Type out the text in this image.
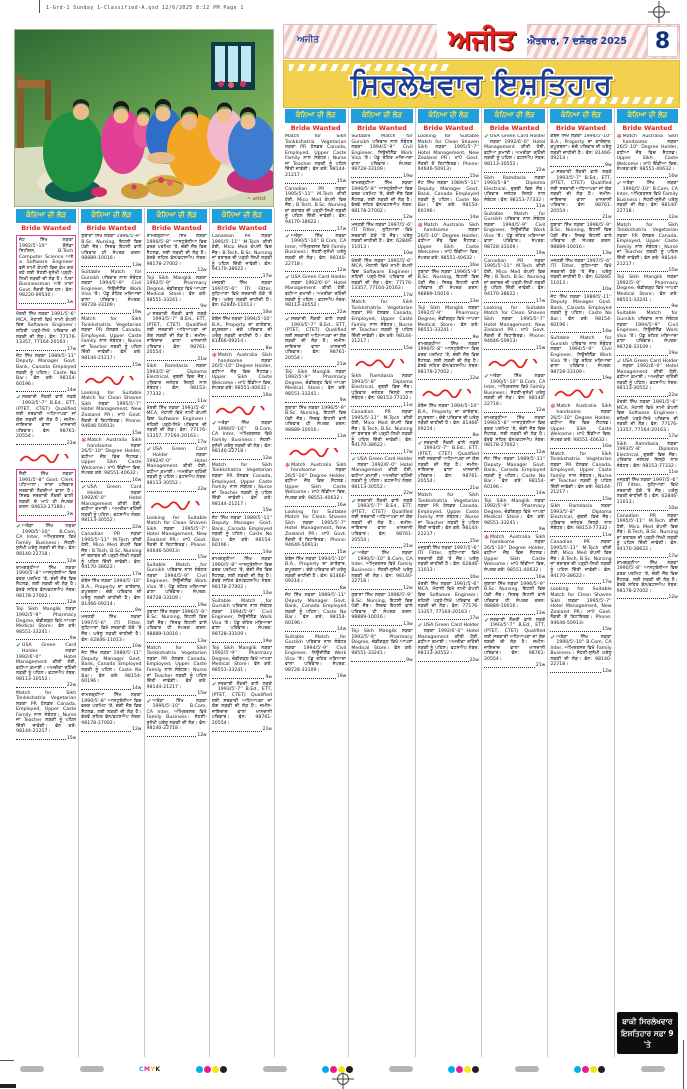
1-Grd-1 Sunday 1-Classified-A.qxd 12/6/2025 8:12 PM Page 1
~ artist
ਅਜੀਤ	ਅਜੀਤ	ਐਤਵਾਰ, 7 ਦਸੰਬਰ 2025	8
ਸਿਰਲੇਖਵਾਰ ਇਸ਼ਤਿਹਾਰ
ਕੰਨਿਆ ਦੀ ਲੋੜ
Bride Wanted
ਜੱਟ ਸਿੱਖ ਲੜਕਾ 1992/5'-10'' ਕੈਨੇਡਾ ਸਿਟੀਜ਼ਨ, B.Tech Computer Science ਅਤੇ a Software Engineer ਵਜੋਂ ਨਾਮੀ ਕੰਪਨੀ ਵਿਚ ਕੰਮ ਕਰ ਰਹੇ ਲਈ ਸੋਹਣੀ-ਸੁਨੱਖੀ ਪੜ੍ਹੀ-ਲਿਖੀ ਲੜਕੀ ਦੀ ਲੋੜ ਹੈ। ਪਿਤਾ Businessman ਅਤੇ ਮਾਤਾ Govt. ਨੌਕਰੀ ਵਿਚ ਹਨ। ਫੋਨ: 98220-99530।
3w
ਖੱਤਰੀ ਸਿੱਖ ਲੜਕਾ 1991/5'-6'' MCA, ਮੋਹਾਲੀ ਵਿਖੇ ਨਾਮੀ ਕੰਪਨੀ ਵਿਚ Software Engineer। ਸ਼ਹਿਰੀ ਪੜ੍ਹੇ-ਲਿਖੇ ਪਰਿਵਾਰ ਦੀ ਲੜਕੀ ਦੀ ਲੋੜ। ਫੋਨ: 77176-13357, 77164-20163।
17w
ਜੱਟ ਸਿੱਖ ਲੜਕਾ 1989/5'-11'' Deputy Manager Govt. Bank, Canada Employed ਲੜਕੀ ਨੂੰ ਪਹਿਲ। Caste No Bar। ਫੋਨ ਕਰੋ: 98154-60196।
14w
✔ ਸਰਕਾਰੀ ਨੌਕਰੀ ਵਾਲੇ ਲੜਕੇ 1993/5'-7'' B.Ed., ETT, (PTET, CTET) Qualified ਲਈ ਸਰਕਾਰੀ ਅਧਿਆਪਕਾ ਜਾਂ ਯੋਗ ਲੜਕੀ ਦੀ ਲੋੜ ਹੈ। ਜ਼ਮੀਨ-ਜਾਇਦਾਦ ਵਾਲਾ ਖਾਨਦਾਨੀ ਪਰਿਵਾਰ। ਫੋਨ: 98761-20554।
21w
ਸੈਣੀ ਸਿੱਖ ਲੜਕਾ 1991/5'-8'' Govt. Clerk ਪਟਿਆਲਾ। ਸਾਰਾ ਪਰਿਵਾਰ ਸਰਕਾਰੀ ਨੌਕਰੀਆਂ ਵਾਲਾ ਹੈ। ਸਿਰਫ ਸਰਕਾਰੀ ਨੌਕਰੀ ਵਾਲੀ ਲੜਕੀ ਦੇ ਮਾਪੇ ਹੀ ਸੰਪਰਕ ਕਰਨ: 94633-27180।
3w
✔ ਅਰੋੜਾ ਸਿੱਖ ਲੜਕਾ 1990/5'-10'' B.Com, CA Inter, ਅੰਮ੍ਰਿਤਸਰ ਵਿਖੇ Family Business। ਸੋਹਣੀ-ਸੁਨੱਖੀ ਘਰੇਲੂ ਲੜਕੀ ਦੀ ਲੋੜ। ਫੋਨ: 98140-22718।
12w
ਰਾਮਗੜ੍ਹੀਆ ਸਿੱਖ ਲੜਕਾ 1990/5'-8'' ਆਸਟ੍ਰੇਲੀਆ ਵਿਚ ਵਰਕ ਪਰਮਿਟ 'ਤੇ, ਚੰਗੀ ਜੌਬ ਵਿਚ ਸੈਟਲਡ, ਲਈ ਲੜਕੀ ਦੀ ਲੋੜ ਹੈ। ਵੇਰਵੇ ਸਹਿਤ ਫੋਨ/ਵਟਸਐਪ ਨੰਬਰ: 98178-27002।
12w
Teji Sikh Manglik ਲੜਕਾ 1992/5'-9'' Pharmacy Degree, ਚੰਡੀਗੜ੍ਹ ਵਿਖੇ ਆਪਣਾ Medical Store। ਫੋਨ ਕਰੋ: 98551-33241।
9w
✔ USA Green Card Holder ਲੜਕਾ 1992/6'-0'' Hotel Management ਕੀਤੀ ਹੋਈ, ਵਧੀਆ ਕਮਾਈ। ਅਮਰੀਕਾ ਰਹਿੰਦੀ ਲੜਕੀ ਨੂੰ ਪਹਿਲ। ਵਟਸਐਪ ਨੰਬਰ: 98113-30552।
22w
Match for Sikh Tonkkshatria Vegetarian ਲੜਕਾ PR ਹੋਲਡਰ Canada, Employed, Upper Caste Family ਨਾਲ ਸੰਬੰਧਤ। Nurse ਜਾਂ Teacher ਲੜਕੀ ਨੂੰ ਪਹਿਲ ਦਿੱਤੀ ਜਾਵੇਗੀ। ਫੋਨ ਕਰੋ: 98144-21217।
15w
ਕੰਨਿਆ ਦੀ ਲੋੜ
Bride Wanted
ਲੁਬਾਣਾ ਸਿੱਖ ਲੜਕਾ 1996/5'-9'' B.Sc. Nursing, ਇਟਲੀ ਵਿਚ ਪੱਕੀ ਜੌਬ। ਸਿਰਫ ਇਟਲੀ ਵਾਲੇ ਪਰਿਵਾਰ ਹੀ ਸੰਪਰਕ ਕਰਨ: 98889-10016।
13w
Suitable Match for Gursikh ਪਰਿਵਾਰ ਨਾਲ ਸੰਬੰਧਤ ਲੜਕਾ 1994/5'-9'' Civil Engineer, ਨਿਊਜ਼ੀਲੈਂਡ Work Visa 'ਤੇ। ਪੇਂਡੂ ਰਹਿਤ ਮਰਿਆਦਾ ਵਾਲਾ ਪਰਿਵਾਰ। ਸੰਪਰਕ: 98728-33109।
19w
Match for Sikh Tonkkshatria Vegetarian ਲੜਕਾ PR ਹੋਲਡਰ Canada, Employed, Upper Caste Family ਨਾਲ ਸੰਬੰਧਤ। Nurse ਜਾਂ Teacher ਲੜਕੀ ਨੂੰ ਪਹਿਲ ਦਿੱਤੀ ਜਾਵੇਗੀ। ਫੋਨ ਕਰੋ: 98144-21217।
15w
Looking for Suitable Match for Clean Shaven Sikh ਲੜਕਾ 1995/5'-7'' Hotel Management, New Zealand PR। ਮਾਪੇ Govt. ਨੌਕਰੀ ਤੋਂ ਰਿਟਾਇਰਡ। Phone: 94646-50913।
15w
✻ Match Australia Sikh handsome ਲੜਕਾ 26/5'-10'' Degree Holder, ਵਧੀਆ ਜੌਬ ਵਿਚ ਸੈਟਲਡ। Upper Sikh Caste Welcome। ਮਾਪੇ ਇੰਡੀਆ ਵਿਚ, ਸੰਪਰਕ ਕਰੋ: 98551-40632।
16w
✔ USA Green Card Holder ਲੜਕਾ 1992/6'-0'' Hotel Management ਕੀਤੀ ਹੋਈ, ਵਧੀਆ ਕਮਾਈ। ਅਮਰੀਕਾ ਰਹਿੰਦੀ ਲੜਕੀ ਨੂੰ ਪਹਿਲ। ਵਟਸਐਪ ਨੰਬਰ: 98113-30552।
22w
Canadian PR ਲੜਕਾ 1995/5'-11'' M.Tech ਕੀਤੀ ਹੋਈ, Mico Med ਕੰਪਨੀ ਵਿਚ ਜੌਬ। B.Tech, B.Sc. Nursing ਜਾਂ ਬਰਾਬਰ ਦੀ ਪੜ੍ਹੀ-ਲਿਖੀ ਲੜਕੀ ਨੂੰ ਪਹਿਲ ਦਿੱਤੀ ਜਾਵੇਗੀ। ਫੋਨ: 94170-38622।
17w
ਕੰਬੋਜ ਸਿੱਖ ਲੜਕਾ 1994/5'-10'' B.A., Property ਦਾ ਕਾਰੋਬਾਰ, ਕਪੂਰਥਲਾ। ਚੰਗੇ ਪਰਿਵਾਰ ਦੀ ਘਰੇਲੂ ਲੜਕੀ ਚਾਹੀਦੀ ਹੈ। ਫੋਨ: 81466-09214।
8w
ਮਜ੍ਹਬੀ ਸਿੱਖ ਲੜਕਾ 1997/5'-6'' ITI Fitter, ਲੁਧਿਆਣਾ ਵਿਖੇ ਸਰਕਾਰੀ ਠੇਕੇ 'ਤੇ ਜੌਬ। ਘਰੇਲੂ ਲੜਕੀ ਚਾਹੀਦੀ ਹੈ। ਫੋਨ: 62846-11013।
10w
ਜੱਟ ਸਿੱਖ ਲੜਕਾ 1989/5'-11'' Deputy Manager Govt. Bank, Canada Employed ਲੜਕੀ ਨੂੰ ਪਹਿਲ। Caste No Bar। ਫੋਨ ਕਰੋ: 98154-60196।
14w
ਰਾਮਗੜ੍ਹੀਆ ਸਿੱਖ ਲੜਕਾ 1990/5'-8'' ਆਸਟ੍ਰੇਲੀਆ ਵਿਚ ਵਰਕ ਪਰਮਿਟ 'ਤੇ, ਚੰਗੀ ਜੌਬ ਵਿਚ ਸੈਟਲਡ, ਲਈ ਲੜਕੀ ਦੀ ਲੋੜ ਹੈ। ਵੇਰਵੇ ਸਹਿਤ ਫੋਨ/ਵਟਸਐਪ ਨੰਬਰ: 98178-27002।
12w
ਕੰਨਿਆ ਦੀ ਲੋੜ
Bride Wanted
ਰਾਮਗੜ੍ਹੀਆ ਸਿੱਖ ਲੜਕਾ 1990/5'-8'' ਆਸਟ੍ਰੇਲੀਆ ਵਿਚ ਵਰਕ ਪਰਮਿਟ 'ਤੇ, ਚੰਗੀ ਜੌਬ ਵਿਚ ਸੈਟਲਡ, ਲਈ ਲੜਕੀ ਦੀ ਲੋੜ ਹੈ। ਵੇਰਵੇ ਸਹਿਤ ਫੋਨ/ਵਟਸਐਪ ਨੰਬਰ: 98178-27002।
12w
Teji Sikh Manglik ਲੜਕਾ 1992/5'-9'' Pharmacy Degree, ਚੰਡੀਗੜ੍ਹ ਵਿਖੇ ਆਪਣਾ Medical Store। ਫੋਨ ਕਰੋ: 98551-33241।
9w
✔ ਸਰਕਾਰੀ ਨੌਕਰੀ ਵਾਲੇ ਲੜਕੇ 1993/5'-7'' B.Ed., ETT, (PTET, CTET) Qualified ਲਈ ਸਰਕਾਰੀ ਅਧਿਆਪਕਾ ਜਾਂ ਯੋਗ ਲੜਕੀ ਦੀ ਲੋੜ ਹੈ। ਜ਼ਮੀਨ-ਜਾਇਦਾਦ ਵਾਲਾ ਖਾਨਦਾਨੀ ਪਰਿਵਾਰ। ਫੋਨ: 98761-20554।
21w
Sikh Ramdasia ਲੜਕਾ 1993/5'-8'' Diploma Electrical, ਦੁਬਈ ਵਿਚ ਜੌਬ। ਪਰਿਵਾਰ ਜਲੰਧਰ ਜ਼ਿਲ੍ਹੇ ਨਾਲ ਸੰਬੰਧਤ। ਫੋਨ: 98153-77332।
11w
ਖੱਤਰੀ ਸਿੱਖ ਲੜਕਾ 1991/5'-6'' MCA, ਮੋਹਾਲੀ ਵਿਖੇ ਨਾਮੀ ਕੰਪਨੀ ਵਿਚ Software Engineer। ਸ਼ਹਿਰੀ ਪੜ੍ਹੇ-ਲਿਖੇ ਪਰਿਵਾਰ ਦੀ ਲੜਕੀ ਦੀ ਲੋੜ। ਫੋਨ: 77176-13357, 77164-20163।
17w
✔ USA Green Card Holder ਲੜਕਾ 1992/6'-0'' Hotel Management ਕੀਤੀ ਹੋਈ, ਵਧੀਆ ਕਮਾਈ। ਅਮਰੀਕਾ ਰਹਿੰਦੀ ਲੜਕੀ ਨੂੰ ਪਹਿਲ। ਵਟਸਐਪ ਨੰਬਰ: 98113-30552।
22w
Looking for Suitable Match for Clean Shaven Sikh ਲੜਕਾ 1995/5'-7'' Hotel Management, New Zealand PR। ਮਾਪੇ Govt. ਨੌਕਰੀ ਤੋਂ ਰਿਟਾਇਰਡ। Phone: 94646-50913।
15w
Suitable Match for Gursikh ਪਰਿਵਾਰ ਨਾਲ ਸੰਬੰਧਤ ਲੜਕਾ 1994/5'-9'' Civil Engineer, ਨਿਊਜ਼ੀਲੈਂਡ Work Visa 'ਤੇ। ਪੇਂਡੂ ਰਹਿਤ ਮਰਿਆਦਾ ਵਾਲਾ ਪਰਿਵਾਰ। ਸੰਪਰਕ: 98728-33109।
19w
ਲੁਬਾਣਾ ਸਿੱਖ ਲੜਕਾ 1996/5'-9'' B.Sc. Nursing, ਇਟਲੀ ਵਿਚ ਪੱਕੀ ਜੌਬ। ਸਿਰਫ ਇਟਲੀ ਵਾਲੇ ਪਰਿਵਾਰ ਹੀ ਸੰਪਰਕ ਕਰਨ: 98889-10016।
13w
Match for Sikh Tonkkshatria Vegetarian ਲੜਕਾ PR ਹੋਲਡਰ Canada, Employed, Upper Caste Family ਨਾਲ ਸੰਬੰਧਤ। Nurse ਜਾਂ Teacher ਲੜਕੀ ਨੂੰ ਪਹਿਲ ਦਿੱਤੀ ਜਾਵੇਗੀ। ਫੋਨ ਕਰੋ: 98144-21217।
15w
✔ ਅਰੋੜਾ ਸਿੱਖ ਲੜਕਾ 1990/5'-10'' B.Com, CA Inter, ਅੰਮ੍ਰਿਤਸਰ ਵਿਖੇ Family Business। ਸੋਹਣੀ-ਸੁਨੱਖੀ ਘਰੇਲੂ ਲੜਕੀ ਦੀ ਲੋੜ। ਫੋਨ: 98140-22718।
12w
ਕੰਨਿਆ ਦੀ ਲੋੜ
Bride Wanted
Canadian PR ਲੜਕਾ 1995/5'-11'' M.Tech ਕੀਤੀ ਹੋਈ, Mico Med ਕੰਪਨੀ ਵਿਚ ਜੌਬ। B.Tech, B.Sc. Nursing ਜਾਂ ਬਰਾਬਰ ਦੀ ਪੜ੍ਹੀ-ਲਿਖੀ ਲੜਕੀ ਨੂੰ ਪਹਿਲ ਦਿੱਤੀ ਜਾਵੇਗੀ। ਫੋਨ: 94170-38622।
17w
ਮਜ੍ਹਬੀ ਸਿੱਖ ਲੜਕਾ 1997/5'-6'' ITI Fitter, ਲੁਧਿਆਣਾ ਵਿਖੇ ਸਰਕਾਰੀ ਠੇਕੇ 'ਤੇ ਜੌਬ। ਘਰੇਲੂ ਲੜਕੀ ਚਾਹੀਦੀ ਹੈ। ਫੋਨ: 62846-11013।
10w
ਕੰਬੋਜ ਸਿੱਖ ਲੜਕਾ 1994/5'-10'' B.A., Property ਦਾ ਕਾਰੋਬਾਰ, ਕਪੂਰਥਲਾ। ਚੰਗੇ ਪਰਿਵਾਰ ਦੀ ਘਰੇਲੂ ਲੜਕੀ ਚਾਹੀਦੀ ਹੈ। ਫੋਨ: 81466-09214।
8w
✻ Match Australia Sikh handsome ਲੜਕਾ 26/5'-10'' Degree Holder, ਵਧੀਆ ਜੌਬ ਵਿਚ ਸੈਟਲਡ। Upper Sikh Caste Welcome। ਮਾਪੇ ਇੰਡੀਆ ਵਿਚ, ਸੰਪਰਕ ਕਰੋ: 98551-40632।
16w
✔ ਅਰੋੜਾ ਸਿੱਖ ਲੜਕਾ 1990/5'-10'' B.Com, CA Inter, ਅੰਮ੍ਰਿਤਸਰ ਵਿਖੇ Family Business। ਸੋਹਣੀ-ਸੁਨੱਖੀ ਘਰੇਲੂ ਲੜਕੀ ਦੀ ਲੋੜ। ਫੋਨ: 98140-22718।
12w
Match for Sikh Tonkkshatria Vegetarian ਲੜਕਾ PR ਹੋਲਡਰ Canada, Employed, Upper Caste Family ਨਾਲ ਸੰਬੰਧਤ। Nurse ਜਾਂ Teacher ਲੜਕੀ ਨੂੰ ਪਹਿਲ ਦਿੱਤੀ ਜਾਵੇਗੀ। ਫੋਨ ਕਰੋ: 98144-21217।
15w
ਜੱਟ ਸਿੱਖ ਲੜਕਾ 1989/5'-11'' Deputy Manager Govt. Bank, Canada Employed ਲੜਕੀ ਨੂੰ ਪਹਿਲ। Caste No Bar। ਫੋਨ ਕਰੋ: 98154-60196।
14w
ਰਾਮਗੜ੍ਹੀਆ ਸਿੱਖ ਲੜਕਾ 1990/5'-8'' ਆਸਟ੍ਰੇਲੀਆ ਵਿਚ ਵਰਕ ਪਰਮਿਟ 'ਤੇ, ਚੰਗੀ ਜੌਬ ਵਿਚ ਸੈਟਲਡ, ਲਈ ਲੜਕੀ ਦੀ ਲੋੜ ਹੈ। ਵੇਰਵੇ ਸਹਿਤ ਫੋਨ/ਵਟਸਐਪ ਨੰਬਰ: 98178-27002।
12w
Suitable Match for Gursikh ਪਰਿਵਾਰ ਨਾਲ ਸੰਬੰਧਤ ਲੜਕਾ 1994/5'-9'' Civil Engineer, ਨਿਊਜ਼ੀਲੈਂਡ Work Visa 'ਤੇ। ਪੇਂਡੂ ਰਹਿਤ ਮਰਿਆਦਾ ਵਾਲਾ ਪਰਿਵਾਰ। ਸੰਪਰਕ: 98728-33109।
19w
Teji Sikh Manglik ਲੜਕਾ 1992/5'-9'' Pharmacy Degree, ਚੰਡੀਗੜ੍ਹ ਵਿਖੇ ਆਪਣਾ Medical Store। ਫੋਨ ਕਰੋ: 98551-33241।
9w
✔ ਸਰਕਾਰੀ ਨੌਕਰੀ ਵਾਲੇ ਲੜਕੇ 1993/5'-7'' B.Ed., ETT, (PTET, CTET) Qualified ਲਈ ਸਰਕਾਰੀ ਅਧਿਆਪਕਾ ਜਾਂ ਯੋਗ ਲੜਕੀ ਦੀ ਲੋੜ ਹੈ। ਜ਼ਮੀਨ-ਜਾਇਦਾਦ ਵਾਲਾ ਖਾਨਦਾਨੀ ਪਰਿਵਾਰ। ਫੋਨ: 98761-20554।
21w
ਕੰਨਿਆ ਦੀ ਲੋੜ
Bride Wanted
Match for Sikh Tonkkshatria Vegetarian ਲੜਕਾ PR ਹੋਲਡਰ Canada, Employed, Upper Caste Family ਨਾਲ ਸੰਬੰਧਤ। Nurse ਜਾਂ Teacher ਲੜਕੀ ਨੂੰ ਪਹਿਲ ਦਿੱਤੀ ਜਾਵੇਗੀ। ਫੋਨ ਕਰੋ: 98144-21217।
15w
Canadian PR ਲੜਕਾ 1995/5'-11'' M.Tech ਕੀਤੀ ਹੋਈ, Mico Med ਕੰਪਨੀ ਵਿਚ ਜੌਬ। B.Tech, B.Sc. Nursing ਜਾਂ ਬਰਾਬਰ ਦੀ ਪੜ੍ਹੀ-ਲਿਖੀ ਲੜਕੀ ਨੂੰ ਪਹਿਲ ਦਿੱਤੀ ਜਾਵੇਗੀ। ਫੋਨ: 94170-38622।
17w
✔ ਅਰੋੜਾ ਸਿੱਖ ਲੜਕਾ 1990/5'-10'' B.Com, CA Inter, ਅੰਮ੍ਰਿਤਸਰ ਵਿਖੇ Family Business। ਸੋਹਣੀ-ਸੁਨੱਖੀ ਘਰੇਲੂ ਲੜਕੀ ਦੀ ਲੋੜ। ਫੋਨ: 98140-22718।
12w
✔ USA Green Card Holder ਲੜਕਾ 1992/6'-0'' Hotel Management ਕੀਤੀ ਹੋਈ, ਵਧੀਆ ਕਮਾਈ। ਅਮਰੀਕਾ ਰਹਿੰਦੀ ਲੜਕੀ ਨੂੰ ਪਹਿਲ। ਵਟਸਐਪ ਨੰਬਰ: 98113-30552।
22w
✔ ਸਰਕਾਰੀ ਨੌਕਰੀ ਵਾਲੇ ਲੜਕੇ 1993/5'-7'' B.Ed., ETT, (PTET, CTET) Qualified ਲਈ ਸਰਕਾਰੀ ਅਧਿਆਪਕਾ ਜਾਂ ਯੋਗ ਲੜਕੀ ਦੀ ਲੋੜ ਹੈ। ਜ਼ਮੀਨ-ਜਾਇਦਾਦ ਵਾਲਾ ਖਾਨਦਾਨੀ ਪਰਿਵਾਰ। ਫੋਨ: 98761-20554।
21w
Teji Sikh Manglik ਲੜਕਾ 1992/5'-9'' Pharmacy Degree, ਚੰਡੀਗੜ੍ਹ ਵਿਖੇ ਆਪਣਾ Medical Store। ਫੋਨ ਕਰੋ: 98551-33241।
9w
ਲੁਬਾਣਾ ਸਿੱਖ ਲੜਕਾ 1996/5'-9'' B.Sc. Nursing, ਇਟਲੀ ਵਿਚ ਪੱਕੀ ਜੌਬ। ਸਿਰਫ ਇਟਲੀ ਵਾਲੇ ਪਰਿਵਾਰ ਹੀ ਸੰਪਰਕ ਕਰਨ: 98889-10016।
13w
✻ Match Australia Sikh handsome ਲੜਕਾ 26/5'-10'' Degree Holder, ਵਧੀਆ ਜੌਬ ਵਿਚ ਸੈਟਲਡ। Upper Sikh Caste Welcome। ਮਾਪੇ ਇੰਡੀਆ ਵਿਚ, ਸੰਪਰਕ ਕਰੋ: 98551-40632।
16w
Looking for Suitable Match for Clean Shaven Sikh ਲੜਕਾ 1995/5'-7'' Hotel Management, New Zealand PR। ਮਾਪੇ Govt. ਨੌਕਰੀ ਤੋਂ ਰਿਟਾਇਰਡ। Phone: 94646-50913।
15w
ਕੰਬੋਜ ਸਿੱਖ ਲੜਕਾ 1994/5'-10'' B.A., Property ਦਾ ਕਾਰੋਬਾਰ, ਕਪੂਰਥਲਾ। ਚੰਗੇ ਪਰਿਵਾਰ ਦੀ ਘਰੇਲੂ ਲੜਕੀ ਚਾਹੀਦੀ ਹੈ। ਫੋਨ: 81466-09214।
8w
ਜੱਟ ਸਿੱਖ ਲੜਕਾ 1989/5'-11'' Deputy Manager Govt. Bank, Canada Employed ਲੜਕੀ ਨੂੰ ਪਹਿਲ। Caste No Bar। ਫੋਨ ਕਰੋ: 98154-60196।
14w
Suitable Match for Gursikh ਪਰਿਵਾਰ ਨਾਲ ਸੰਬੰਧਤ ਲੜਕਾ 1994/5'-9'' Civil Engineer, ਨਿਊਜ਼ੀਲੈਂਡ Work Visa 'ਤੇ। ਪੇਂਡੂ ਰਹਿਤ ਮਰਿਆਦਾ ਵਾਲਾ ਪਰਿਵਾਰ। ਸੰਪਰਕ: 98728-33109।
19w
ਕੰਨਿਆ ਦੀ ਲੋੜ
Bride Wanted
Suitable Match for Gursikh ਪਰਿਵਾਰ ਨਾਲ ਸੰਬੰਧਤ ਲੜਕਾ 1994/5'-9'' Civil Engineer, ਨਿਊਜ਼ੀਲੈਂਡ Work Visa 'ਤੇ। ਪੇਂਡੂ ਰਹਿਤ ਮਰਿਆਦਾ ਵਾਲਾ ਪਰਿਵਾਰ। ਸੰਪਰਕ: 98728-33109।
19w
ਰਾਮਗੜ੍ਹੀਆ ਸਿੱਖ ਲੜਕਾ 1990/5'-8'' ਆਸਟ੍ਰੇਲੀਆ ਵਿਚ ਵਰਕ ਪਰਮਿਟ 'ਤੇ, ਚੰਗੀ ਜੌਬ ਵਿਚ ਸੈਟਲਡ, ਲਈ ਲੜਕੀ ਦੀ ਲੋੜ ਹੈ। ਵੇਰਵੇ ਸਹਿਤ ਫੋਨ/ਵਟਸਐਪ ਨੰਬਰ: 98178-27002।
12w
ਮਜ੍ਹਬੀ ਸਿੱਖ ਲੜਕਾ 1997/5'-6'' ITI Fitter, ਲੁਧਿਆਣਾ ਵਿਖੇ ਸਰਕਾਰੀ ਠੇਕੇ 'ਤੇ ਜੌਬ। ਘਰੇਲੂ ਲੜਕੀ ਚਾਹੀਦੀ ਹੈ। ਫੋਨ: 62846-11013।
10w
ਖੱਤਰੀ ਸਿੱਖ ਲੜਕਾ 1991/5'-6'' MCA, ਮੋਹਾਲੀ ਵਿਖੇ ਨਾਮੀ ਕੰਪਨੀ ਵਿਚ Software Engineer। ਸ਼ਹਿਰੀ ਪੜ੍ਹੇ-ਲਿਖੇ ਪਰਿਵਾਰ ਦੀ ਲੜਕੀ ਦੀ ਲੋੜ। ਫੋਨ: 77176-13357, 77164-20163।
17w
Match for Sikh Tonkkshatria Vegetarian ਲੜਕਾ PR ਹੋਲਡਰ Canada, Employed, Upper Caste Family ਨਾਲ ਸੰਬੰਧਤ। Nurse ਜਾਂ Teacher ਲੜਕੀ ਨੂੰ ਪਹਿਲ ਦਿੱਤੀ ਜਾਵੇਗੀ। ਫੋਨ ਕਰੋ: 98144-21217।
15w
Sikh Ramdasia ਲੜਕਾ 1993/5'-8'' Diploma Electrical, ਦੁਬਈ ਵਿਚ ਜੌਬ। ਪਰਿਵਾਰ ਜਲੰਧਰ ਜ਼ਿਲ੍ਹੇ ਨਾਲ ਸੰਬੰਧਤ। ਫੋਨ: 98153-77332।
11w
Canadian PR ਲੜਕਾ 1995/5'-11'' M.Tech ਕੀਤੀ ਹੋਈ, Mico Med ਕੰਪਨੀ ਵਿਚ ਜੌਬ। B.Tech, B.Sc. Nursing ਜਾਂ ਬਰਾਬਰ ਦੀ ਪੜ੍ਹੀ-ਲਿਖੀ ਲੜਕੀ ਨੂੰ ਪਹਿਲ ਦਿੱਤੀ ਜਾਵੇਗੀ। ਫੋਨ: 94170-38622।
17w
✔ USA Green Card Holder ਲੜਕਾ 1992/6'-0'' Hotel Management ਕੀਤੀ ਹੋਈ, ਵਧੀਆ ਕਮਾਈ। ਅਮਰੀਕਾ ਰਹਿੰਦੀ ਲੜਕੀ ਨੂੰ ਪਹਿਲ। ਵਟਸਐਪ ਨੰਬਰ: 98113-30552।
22w
✔ ਸਰਕਾਰੀ ਨੌਕਰੀ ਵਾਲੇ ਲੜਕੇ 1993/5'-7'' B.Ed., ETT, (PTET, CTET) Qualified ਲਈ ਸਰਕਾਰੀ ਅਧਿਆਪਕਾ ਜਾਂ ਯੋਗ ਲੜਕੀ ਦੀ ਲੋੜ ਹੈ। ਜ਼ਮੀਨ-ਜਾਇਦਾਦ ਵਾਲਾ ਖਾਨਦਾਨੀ ਪਰਿਵਾਰ। ਫੋਨ: 98761-20554।
21w
✔ ਅਰੋੜਾ ਸਿੱਖ ਲੜਕਾ 1990/5'-10'' B.Com, CA Inter, ਅੰਮ੍ਰਿਤਸਰ ਵਿਖੇ Family Business। ਸੋਹਣੀ-ਸੁਨੱਖੀ ਘਰੇਲੂ ਲੜਕੀ ਦੀ ਲੋੜ। ਫੋਨ: 98140-22718।
12w
ਲੁਬਾਣਾ ਸਿੱਖ ਲੜਕਾ 1996/5'-9'' B.Sc. Nursing, ਇਟਲੀ ਵਿਚ ਪੱਕੀ ਜੌਬ। ਸਿਰਫ ਇਟਲੀ ਵਾਲੇ ਪਰਿਵਾਰ ਹੀ ਸੰਪਰਕ ਕਰਨ: 98889-10016।
13w
Teji Sikh Manglik ਲੜਕਾ 1992/5'-9'' Pharmacy Degree, ਚੰਡੀਗੜ੍ਹ ਵਿਖੇ ਆਪਣਾ Medical Store। ਫੋਨ ਕਰੋ: 98551-33241।
9w
ਕੰਨਿਆ ਦੀ ਲੋੜ
Bride Wanted
Looking for Suitable Match for Clean Shaven Sikh ਲੜਕਾ 1995/5'-7'' Hotel Management, New Zealand PR। ਮਾਪੇ Govt. ਨੌਕਰੀ ਤੋਂ ਰਿਟਾਇਰਡ। Phone: 94646-50913।
15w
ਜੱਟ ਸਿੱਖ ਲੜਕਾ 1989/5'-11'' Deputy Manager Govt. Bank, Canada Employed ਲੜਕੀ ਨੂੰ ਪਹਿਲ। Caste No Bar। ਫੋਨ ਕਰੋ: 98154-60196।
14w
✻ Match Australia Sikh handsome ਲੜਕਾ 26/5'-10'' Degree Holder, ਵਧੀਆ ਜੌਬ ਵਿਚ ਸੈਟਲਡ। Upper Sikh Caste Welcome। ਮਾਪੇ ਇੰਡੀਆ ਵਿਚ, ਸੰਪਰਕ ਕਰੋ: 98551-40632।
16w
ਲੁਬਾਣਾ ਸਿੱਖ ਲੜਕਾ 1996/5'-9'' B.Sc. Nursing, ਇਟਲੀ ਵਿਚ ਪੱਕੀ ਜੌਬ। ਸਿਰਫ ਇਟਲੀ ਵਾਲੇ ਪਰਿਵਾਰ ਹੀ ਸੰਪਰਕ ਕਰਨ: 98889-10016।
13w
Teji Sikh Manglik ਲੜਕਾ 1992/5'-9'' Pharmacy Degree, ਚੰਡੀਗੜ੍ਹ ਵਿਖੇ ਆਪਣਾ Medical Store। ਫੋਨ ਕਰੋ: 98551-33241।
9w
ਰਾਮਗੜ੍ਹੀਆ ਸਿੱਖ ਲੜਕਾ 1990/5'-8'' ਆਸਟ੍ਰੇਲੀਆ ਵਿਚ ਵਰਕ ਪਰਮਿਟ 'ਤੇ, ਚੰਗੀ ਜੌਬ ਵਿਚ ਸੈਟਲਡ, ਲਈ ਲੜਕੀ ਦੀ ਲੋੜ ਹੈ। ਵੇਰਵੇ ਸਹਿਤ ਫੋਨ/ਵਟਸਐਪ ਨੰਬਰ: 98178-27002।
12w
ਕੰਬੋਜ ਸਿੱਖ ਲੜਕਾ 1994/5'-10'' B.A., Property ਦਾ ਕਾਰੋਬਾਰ, ਕਪੂਰਥਲਾ। ਚੰਗੇ ਪਰਿਵਾਰ ਦੀ ਘਰੇਲੂ ਲੜਕੀ ਚਾਹੀਦੀ ਹੈ। ਫੋਨ: 81466-09214।
8w
✔ ਸਰਕਾਰੀ ਨੌਕਰੀ ਵਾਲੇ ਲੜਕੇ 1993/5'-7'' B.Ed., ETT, (PTET, CTET) Qualified ਲਈ ਸਰਕਾਰੀ ਅਧਿਆਪਕਾ ਜਾਂ ਯੋਗ ਲੜਕੀ ਦੀ ਲੋੜ ਹੈ। ਜ਼ਮੀਨ-ਜਾਇਦਾਦ ਵਾਲਾ ਖਾਨਦਾਨੀ ਪਰਿਵਾਰ। ਫੋਨ: 98761-20554।
21w
Match for Sikh Tonkkshatria Vegetarian ਲੜਕਾ PR ਹੋਲਡਰ Canada, Employed, Upper Caste Family ਨਾਲ ਸੰਬੰਧਤ। Nurse ਜਾਂ Teacher ਲੜਕੀ ਨੂੰ ਪਹਿਲ ਦਿੱਤੀ ਜਾਵੇਗੀ। ਫੋਨ ਕਰੋ: 98144-21217।
15w
ਮਜ੍ਹਬੀ ਸਿੱਖ ਲੜਕਾ 1997/5'-6'' ITI Fitter, ਲੁਧਿਆਣਾ ਵਿਖੇ ਸਰਕਾਰੀ ਠੇਕੇ 'ਤੇ ਜੌਬ। ਘਰੇਲੂ ਲੜਕੀ ਚਾਹੀਦੀ ਹੈ। ਫੋਨ: 62846-11013।
10w
ਖੱਤਰੀ ਸਿੱਖ ਲੜਕਾ 1991/5'-6'' MCA, ਮੋਹਾਲੀ ਵਿਖੇ ਨਾਮੀ ਕੰਪਨੀ ਵਿਚ Software Engineer। ਸ਼ਹਿਰੀ ਪੜ੍ਹੇ-ਲਿਖੇ ਪਰਿਵਾਰ ਦੀ ਲੜਕੀ ਦੀ ਲੋੜ। ਫੋਨ: 77176-13357, 77164-20163।
17w
✔ USA Green Card Holder ਲੜਕਾ 1992/6'-0'' Hotel Management ਕੀਤੀ ਹੋਈ, ਵਧੀਆ ਕਮਾਈ। ਅਮਰੀਕਾ ਰਹਿੰਦੀ ਲੜਕੀ ਨੂੰ ਪਹਿਲ। ਵਟਸਐਪ ਨੰਬਰ: 98113-30552।
22w
ਕੰਨਿਆ ਦੀ ਲੋੜ
Bride Wanted
✔ USA Green Card Holder ਲੜਕਾ 1992/6'-0'' Hotel Management ਕੀਤੀ ਹੋਈ, ਵਧੀਆ ਕਮਾਈ। ਅਮਰੀਕਾ ਰਹਿੰਦੀ ਲੜਕੀ ਨੂੰ ਪਹਿਲ। ਵਟਸਐਪ ਨੰਬਰ: 98113-30552।
22w
Sikh Ramdasia ਲੜਕਾ 1993/5'-8'' Diploma Electrical, ਦੁਬਈ ਵਿਚ ਜੌਬ। ਪਰਿਵਾਰ ਜਲੰਧਰ ਜ਼ਿਲ੍ਹੇ ਨਾਲ ਸੰਬੰਧਤ। ਫੋਨ: 98153-77332।
11w
Suitable Match for Gursikh ਪਰਿਵਾਰ ਨਾਲ ਸੰਬੰਧਤ ਲੜਕਾ 1994/5'-9'' Civil Engineer, ਨਿਊਜ਼ੀਲੈਂਡ Work Visa 'ਤੇ। ਪੇਂਡੂ ਰਹਿਤ ਮਰਿਆਦਾ ਵਾਲਾ ਪਰਿਵਾਰ। ਸੰਪਰਕ: 98728-33109।
19w
Canadian PR ਲੜਕਾ 1995/5'-11'' M.Tech ਕੀਤੀ ਹੋਈ, Mico Med ਕੰਪਨੀ ਵਿਚ ਜੌਬ। B.Tech, B.Sc. Nursing ਜਾਂ ਬਰਾਬਰ ਦੀ ਪੜ੍ਹੀ-ਲਿਖੀ ਲੜਕੀ ਨੂੰ ਪਹਿਲ ਦਿੱਤੀ ਜਾਵੇਗੀ। ਫੋਨ: 94170-38622।
17w
Looking for Suitable Match for Clean Shaven Sikh ਲੜਕਾ 1995/5'-7'' Hotel Management, New Zealand PR। ਮਾਪੇ Govt. ਨੌਕਰੀ ਤੋਂ ਰਿਟਾਇਰਡ। Phone: 94646-50913।
15w
✔ ਅਰੋੜਾ ਸਿੱਖ ਲੜਕਾ 1990/5'-10'' B.Com, CA Inter, ਅੰਮ੍ਰਿਤਸਰ ਵਿਖੇ Family Business। ਸੋਹਣੀ-ਸੁਨੱਖੀ ਘਰੇਲੂ ਲੜਕੀ ਦੀ ਲੋੜ। ਫੋਨ: 98140-22718।
12w
ਰਾਮਗੜ੍ਹੀਆ ਸਿੱਖ ਲੜਕਾ 1990/5'-8'' ਆਸਟ੍ਰੇਲੀਆ ਵਿਚ ਵਰਕ ਪਰਮਿਟ 'ਤੇ, ਚੰਗੀ ਜੌਬ ਵਿਚ ਸੈਟਲਡ, ਲਈ ਲੜਕੀ ਦੀ ਲੋੜ ਹੈ। ਵੇਰਵੇ ਸਹਿਤ ਫੋਨ/ਵਟਸਐਪ ਨੰਬਰ: 98178-27002।
12w
ਜੱਟ ਸਿੱਖ ਲੜਕਾ 1989/5'-11'' Deputy Manager Govt. Bank, Canada Employed ਲੜਕੀ ਨੂੰ ਪਹਿਲ। Caste No Bar। ਫੋਨ ਕਰੋ: 98154-60196।
14w
Teji Sikh Manglik ਲੜਕਾ 1992/5'-9'' Pharmacy Degree, ਚੰਡੀਗੜ੍ਹ ਵਿਖੇ ਆਪਣਾ Medical Store। ਫੋਨ ਕਰੋ: 98551-33241।
9w
✻ Match Australia Sikh handsome ਲੜਕਾ 26/5'-10'' Degree Holder, ਵਧੀਆ ਜੌਬ ਵਿਚ ਸੈਟਲਡ। Upper Sikh Caste Welcome। ਮਾਪੇ ਇੰਡੀਆ ਵਿਚ, ਸੰਪਰਕ ਕਰੋ: 98551-40632।
16w
ਲੁਬਾਣਾ ਸਿੱਖ ਲੜਕਾ 1996/5'-9'' B.Sc. Nursing, ਇਟਲੀ ਵਿਚ ਪੱਕੀ ਜੌਬ। ਸਿਰਫ ਇਟਲੀ ਵਾਲੇ ਪਰਿਵਾਰ ਹੀ ਸੰਪਰਕ ਕਰਨ: 98889-10016।
13w
✔ ਸਰਕਾਰੀ ਨੌਕਰੀ ਵਾਲੇ ਲੜਕੇ 1993/5'-7'' B.Ed., ETT, (PTET, CTET) Qualified ਲਈ ਸਰਕਾਰੀ ਅਧਿਆਪਕਾ ਜਾਂ ਯੋਗ ਲੜਕੀ ਦੀ ਲੋੜ ਹੈ। ਜ਼ਮੀਨ-ਜਾਇਦਾਦ ਵਾਲਾ ਖਾਨਦਾਨੀ ਪਰਿਵਾਰ। ਫੋਨ: 98761-20554।
21w
ਕੰਨਿਆ ਦੀ ਲੋੜ
Bride Wanted
ਕੰਬੋਜ ਸਿੱਖ ਲੜਕਾ 1994/5'-10'' B.A., Property ਦਾ ਕਾਰੋਬਾਰ, ਕਪੂਰਥਲਾ। ਚੰਗੇ ਪਰਿਵਾਰ ਦੀ ਘਰੇਲੂ ਲੜਕੀ ਚਾਹੀਦੀ ਹੈ। ਫੋਨ: 81466-09214।
8w
✔ ਸਰਕਾਰੀ ਨੌਕਰੀ ਵਾਲੇ ਲੜਕੇ 1993/5'-7'' B.Ed., ETT, (PTET, CTET) Qualified ਲਈ ਸਰਕਾਰੀ ਅਧਿਆਪਕਾ ਜਾਂ ਯੋਗ ਲੜਕੀ ਦੀ ਲੋੜ ਹੈ। ਜ਼ਮੀਨ-ਜਾਇਦਾਦ ਵਾਲਾ ਖਾਨਦਾਨੀ ਪਰਿਵਾਰ। ਫੋਨ: 98761-20554।
21w
ਲੁਬਾਣਾ ਸਿੱਖ ਲੜਕਾ 1996/5'-9'' B.Sc. Nursing, ਇਟਲੀ ਵਿਚ ਪੱਕੀ ਜੌਬ। ਸਿਰਫ ਇਟਲੀ ਵਾਲੇ ਪਰਿਵਾਰ ਹੀ ਸੰਪਰਕ ਕਰਨ: 98889-10016।
13w
ਮਜ੍ਹਬੀ ਸਿੱਖ ਲੜਕਾ 1997/5'-6'' ITI Fitter, ਲੁਧਿਆਣਾ ਵਿਖੇ ਸਰਕਾਰੀ ਠੇਕੇ 'ਤੇ ਜੌਬ। ਘਰੇਲੂ ਲੜਕੀ ਚਾਹੀਦੀ ਹੈ। ਫੋਨ: 62846-11013।
10w
ਜੱਟ ਸਿੱਖ ਲੜਕਾ 1989/5'-11'' Deputy Manager Govt. Bank, Canada Employed ਲੜਕੀ ਨੂੰ ਪਹਿਲ। Caste No Bar। ਫੋਨ ਕਰੋ: 98154-60196।
14w
Suitable Match for Gursikh ਪਰਿਵਾਰ ਨਾਲ ਸੰਬੰਧਤ ਲੜਕਾ 1994/5'-9'' Civil Engineer, ਨਿਊਜ਼ੀਲੈਂਡ Work Visa 'ਤੇ। ਪੇਂਡੂ ਰਹਿਤ ਮਰਿਆਦਾ ਵਾਲਾ ਪਰਿਵਾਰ। ਸੰਪਰਕ: 98728-33109।
19w
✻ Match Australia Sikh handsome ਲੜਕਾ 26/5'-10'' Degree Holder, ਵਧੀਆ ਜੌਬ ਵਿਚ ਸੈਟਲਡ। Upper Sikh Caste Welcome। ਮਾਪੇ ਇੰਡੀਆ ਵਿਚ, ਸੰਪਰਕ ਕਰੋ: 98551-40632।
16w
Match for Sikh Tonkkshatria Vegetarian ਲੜਕਾ PR ਹੋਲਡਰ Canada, Employed, Upper Caste Family ਨਾਲ ਸੰਬੰਧਤ। Nurse ਜਾਂ Teacher ਲੜਕੀ ਨੂੰ ਪਹਿਲ ਦਿੱਤੀ ਜਾਵੇਗੀ। ਫੋਨ ਕਰੋ: 98144-21217।
15w
Sikh Ramdasia ਲੜਕਾ 1993/5'-8'' Diploma Electrical, ਦੁਬਈ ਵਿਚ ਜੌਬ। ਪਰਿਵਾਰ ਜਲੰਧਰ ਜ਼ਿਲ੍ਹੇ ਨਾਲ ਸੰਬੰਧਤ। ਫੋਨ: 98153-77332।
11w
Canadian PR ਲੜਕਾ 1995/5'-11'' M.Tech ਕੀਤੀ ਹੋਈ, Mico Med ਕੰਪਨੀ ਵਿਚ ਜੌਬ। B.Tech, B.Sc. Nursing ਜਾਂ ਬਰਾਬਰ ਦੀ ਪੜ੍ਹੀ-ਲਿਖੀ ਲੜਕੀ ਨੂੰ ਪਹਿਲ ਦਿੱਤੀ ਜਾਵੇਗੀ। ਫੋਨ: 94170-38622।
17w
Looking for Suitable Match for Clean Shaven Sikh ਲੜਕਾ 1995/5'-7'' Hotel Management, New Zealand PR। ਮਾਪੇ Govt. ਨੌਕਰੀ ਤੋਂ ਰਿਟਾਇਰਡ। Phone: 94646-50913।
15w
✔ ਅਰੋੜਾ ਸਿੱਖ ਲੜਕਾ 1990/5'-10'' B.Com, CA Inter, ਅੰਮ੍ਰਿਤਸਰ ਵਿਖੇ Family Business। ਸੋਹਣੀ-ਸੁਨੱਖੀ ਘਰੇਲੂ ਲੜਕੀ ਦੀ ਲੋੜ। ਫੋਨ: 98140-22718।
12w
ਕੰਨਿਆ ਦੀ ਲੋੜ
Bride Wanted
✻ Match Australia Sikh handsome ਲੜਕਾ 26/5'-10'' Degree Holder, ਵਧੀਆ ਜੌਬ ਵਿਚ ਸੈਟਲਡ। Upper Sikh Caste Welcome। ਮਾਪੇ ਇੰਡੀਆ ਵਿਚ, ਸੰਪਰਕ ਕਰੋ: 98551-40632।
16w
✔ ਅਰੋੜਾ ਸਿੱਖ ਲੜਕਾ 1990/5'-10'' B.Com, CA Inter, ਅੰਮ੍ਰਿਤਸਰ ਵਿਖੇ Family Business। ਸੋਹਣੀ-ਸੁਨੱਖੀ ਘਰੇਲੂ ਲੜਕੀ ਦੀ ਲੋੜ। ਫੋਨ: 98140-22718।
12w
Match for Sikh Tonkkshatria Vegetarian ਲੜਕਾ PR ਹੋਲਡਰ Canada, Employed, Upper Caste Family ਨਾਲ ਸੰਬੰਧਤ। Nurse ਜਾਂ Teacher ਲੜਕੀ ਨੂੰ ਪਹਿਲ ਦਿੱਤੀ ਜਾਵੇਗੀ। ਫੋਨ ਕਰੋ: 98144-21217।
15w
Teji Sikh Manglik ਲੜਕਾ 1992/5'-9'' Pharmacy Degree, ਚੰਡੀਗੜ੍ਹ ਵਿਖੇ ਆਪਣਾ Medical Store। ਫੋਨ ਕਰੋ: 98551-33241।
9w
Suitable Match for Gursikh ਪਰਿਵਾਰ ਨਾਲ ਸੰਬੰਧਤ ਲੜਕਾ 1994/5'-9'' Civil Engineer, ਨਿਊਜ਼ੀਲੈਂਡ Work Visa 'ਤੇ। ਪੇਂਡੂ ਰਹਿਤ ਮਰਿਆਦਾ ਵਾਲਾ ਪਰਿਵਾਰ। ਸੰਪਰਕ: 98728-33109।
19w
✔ USA Green Card Holder ਲੜਕਾ 1992/6'-0'' Hotel Management ਕੀਤੀ ਹੋਈ, ਵਧੀਆ ਕਮਾਈ। ਅਮਰੀਕਾ ਰਹਿੰਦੀ ਲੜਕੀ ਨੂੰ ਪਹਿਲ। ਵਟਸਐਪ ਨੰਬਰ: 98113-30552।
22w
ਖੱਤਰੀ ਸਿੱਖ ਲੜਕਾ 1991/5'-6'' MCA, ਮੋਹਾਲੀ ਵਿਖੇ ਨਾਮੀ ਕੰਪਨੀ ਵਿਚ Software Engineer। ਸ਼ਹਿਰੀ ਪੜ੍ਹੇ-ਲਿਖੇ ਪਰਿਵਾਰ ਦੀ ਲੜਕੀ ਦੀ ਲੋੜ। ਫੋਨ: 77176-13357, 77164-20163।
17w
Sikh Ramdasia ਲੜਕਾ 1993/5'-8'' Diploma Electrical, ਦੁਬਈ ਵਿਚ ਜੌਬ। ਪਰਿਵਾਰ ਜਲੰਧਰ ਜ਼ਿਲ੍ਹੇ ਨਾਲ ਸੰਬੰਧਤ। ਫੋਨ: 98153-77332।
11w
ਮਜ੍ਹਬੀ ਸਿੱਖ ਲੜਕਾ 1997/5'-6'' ITI Fitter, ਲੁਧਿਆਣਾ ਵਿਖੇ ਸਰਕਾਰੀ ਠੇਕੇ 'ਤੇ ਜੌਬ। ਘਰੇਲੂ ਲੜਕੀ ਚਾਹੀਦੀ ਹੈ। ਫੋਨ: 62846-11013।
10w
Canadian PR ਲੜਕਾ 1995/5'-11'' M.Tech ਕੀਤੀ ਹੋਈ, Mico Med ਕੰਪਨੀ ਵਿਚ ਜੌਬ। B.Tech, B.Sc. Nursing ਜਾਂ ਬਰਾਬਰ ਦੀ ਪੜ੍ਹੀ-ਲਿਖੀ ਲੜਕੀ ਨੂੰ ਪਹਿਲ ਦਿੱਤੀ ਜਾਵੇਗੀ। ਫੋਨ: 94170-38622।
17w
ਰਾਮਗੜ੍ਹੀਆ ਸਿੱਖ ਲੜਕਾ 1990/5'-8'' ਆਸਟ੍ਰੇਲੀਆ ਵਿਚ ਵਰਕ ਪਰਮਿਟ 'ਤੇ, ਚੰਗੀ ਜੌਬ ਵਿਚ ਸੈਟਲਡ, ਲਈ ਲੜਕੀ ਦੀ ਲੋੜ ਹੈ। ਵੇਰਵੇ ਸਹਿਤ ਫੋਨ/ਵਟਸਐਪ ਨੰਬਰ: 98178-27002।
12w
ਬਾਕੀ ਸਿਰਲੇਖਵਾਰ
ਇਸ਼ਤਿਹਾਰ ਸਫ਼ਾ 9 'ਤੇ
C M Y K
